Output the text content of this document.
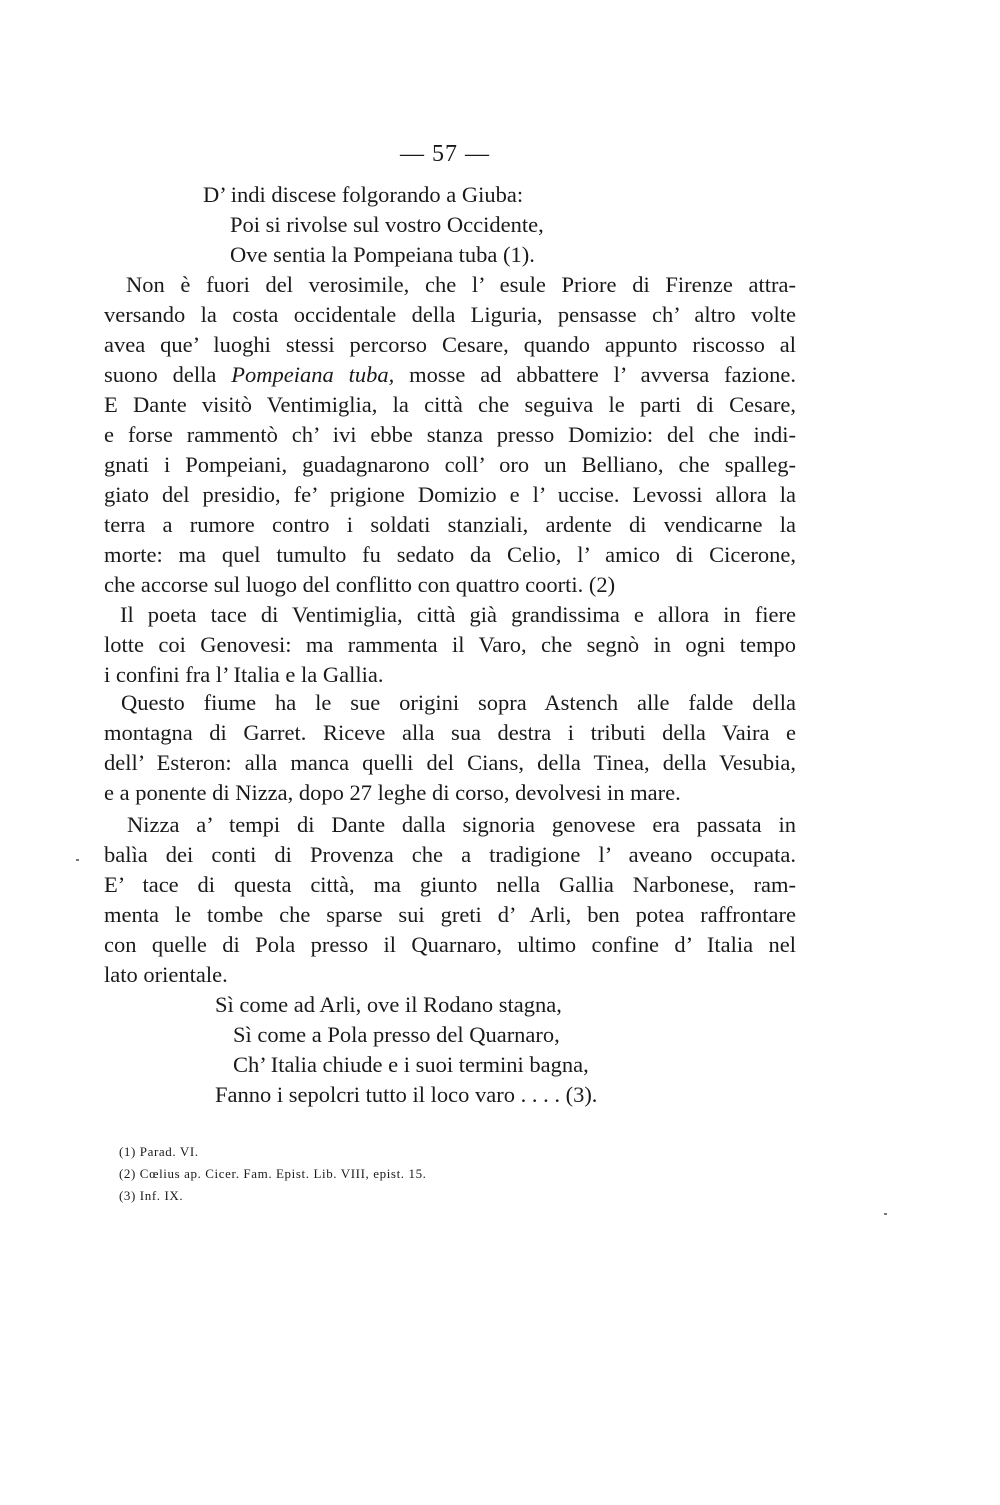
— 57 —
D’ indi discese folgorando a Giuba:
Poi si rivolse sul vostro Occidente,
Ove sentia la Pompeiana tuba (1).
Non è fuori del verosimile, che l’ esule Priore di Firenze attra-
versando la costa occidentale della Liguria, pensasse ch’ altro volte
avea que’ luoghi stessi percorso Cesare, quando appunto riscosso al
suono della Pompeiana tuba, mosse ad abbattere l’ avversa fazione.
E Dante visitò Ventimiglia, la città che seguiva le parti di Cesare,
e forse rammentò ch’ ivi ebbe stanza presso Domizio: del che indi-
gnati i Pompeiani, guadagnarono coll’ oro un Belliano, che spalleg-
giato del presidio, fe’ prigione Domizio e l’ uccise. Levossi allora la
terra a rumore contro i soldati stanziali, ardente di vendicarne la
morte: ma quel tumulto fu sedato da Celio, l’ amico di Cicerone,
che accorse sul luogo del conflitto con quattro coorti. (2)
Il poeta tace di Ventimiglia, città già grandissima e allora in fiere
lotte coi Genovesi: ma rammenta il Varo, che segnò in ogni tempo
i confini fra l’ Italia e la Gallia.
Questo fiume ha le sue origini sopra Astench alle falde della
montagna di Garret. Riceve alla sua destra i tributi della Vaira e
dell’ Esteron: alla manca quelli del Cians, della Tinea, della Vesubia,
e a ponente di Nizza, dopo 27 leghe di corso, devolvesi in mare.
Nizza a’ tempi di Dante dalla signoria genovese era passata in
balìa dei conti di Provenza che a tradigione l’ aveano occupata.
E’ tace di questa città, ma giunto nella Gallia Narbonese, ram-
menta le tombe che sparse sui greti d’ Arli, ben potea raffrontare
con quelle di Pola presso il Quarnaro, ultimo confine d’ Italia nel
lato orientale.
Sì come ad Arli, ove il Rodano stagna,
Sì come a Pola presso del Quarnaro,
Ch’ Italia chiude e i suoi termini bagna,
Fanno i sepolcri tutto il loco varo . . . . (3).
(1) Parad. VI.
(2) Cœlius ap. Cicer. Fam. Epist. Lib. VIII, epist. 15.
(3) Inf. IX.
